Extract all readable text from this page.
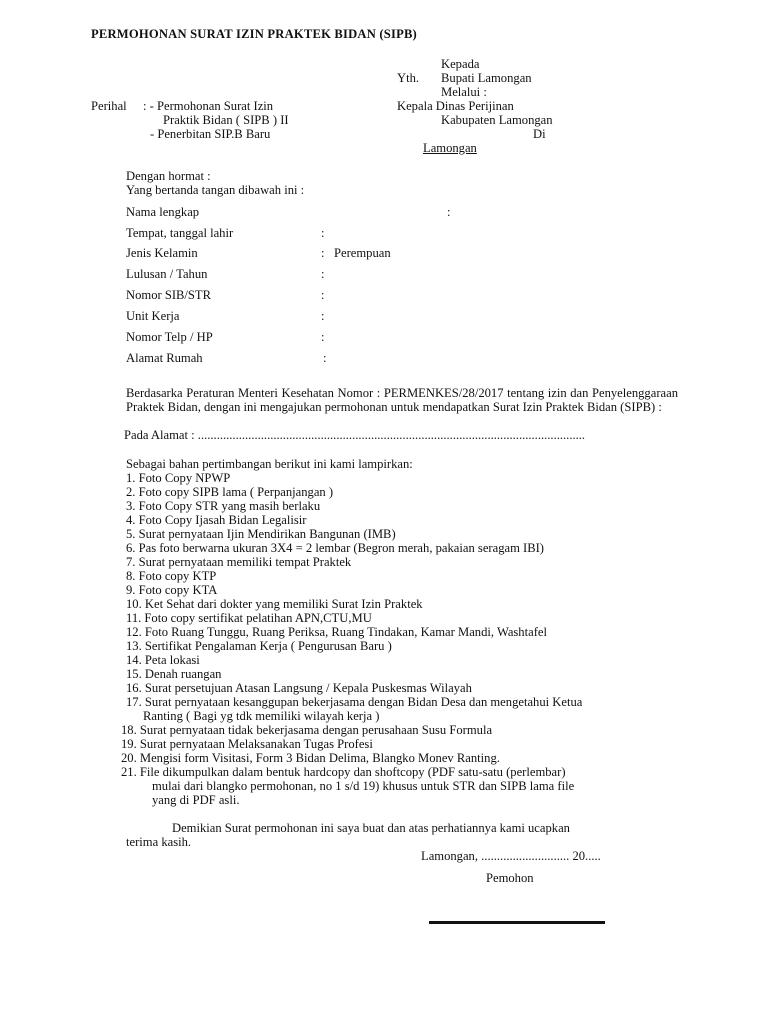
PERMOHONAN SURAT IZIN PRAKTEK BIDAN (SIPB)
Kepada
Yth. Bupati Lamongan
Melalui :
Kepala Dinas Perijinan
Kabupaten Lamongan
Di
Lamongan
Perihal : - Permohonan Surat Izin
Praktik Bidan ( SIPB ) II
- Penerbitan SIP.B Baru
Dengan hormat :
Yang bertanda tangan dibawah ini :
Nama lengkap	:
Tempat, tanggal lahir	:
Jenis Kelamin	: Perempuan
Lulusan / Tahun	:
Nomor SIB/STR	:
Unit Kerja	:
Nomor Telp / HP	:
Alamat Rumah	:
Berdasarka Peraturan Menteri Kesehatan Nomor : PERMENKES/28/2017 tentang izin dan Penyelenggaraan Praktek Bidan, dengan ini mengajukan permohonan untuk mendapatkan Surat Izin Praktek Bidan (SIPB) :
Pada Alamat : ...........................................................................................................................
Sebagai bahan pertimbangan berikut ini kami lampirkan:
1. Foto Copy NPWP
2. Foto copy SIPB lama ( Perpanjangan )
3. Foto Copy STR yang masih berlaku
4. Foto Copy Ijasah Bidan Legalisir
5. Surat pernyataan Ijin Mendirikan Bangunan (IMB)
6. Pas foto berwarna ukuran 3X4 = 2 lembar (Begron merah, pakaian seragam IBI)
7. Surat pernyataan memiliki tempat Praktek
8. Foto copy KTP
9. Foto copy KTA
10. Ket Sehat dari dokter yang memiliki Surat Izin Praktek
11. Foto copy sertifikat pelatihan APN,CTU,MU
12. Foto Ruang Tunggu, Ruang Periksa, Ruang Tindakan, Kamar Mandi, Washtafel
13. Sertifikat Pengalaman Kerja ( Pengurusan Baru )
14. Peta lokasi
15. Denah ruangan
16. Surat persetujuan Atasan Langsung / Kepala Puskesmas Wilayah
17. Surat pernyataan kesanggupan bekerjasama dengan Bidan Desa dan mengetahui Ketua
Ranting ( Bagi yg tdk memiliki wilayah kerja )
18. Surat pernyataan tidak bekerjasama dengan perusahaan Susu Formula
19. Surat pernyataan Melaksanakan Tugas Profesi
20. Mengisi form Visitasi, Form 3 Bidan Delima, Blangko Monev Ranting.
21. File dikumpulkan dalam bentuk hardcopy dan shoftcopy (PDF satu-satu (perlembar)
mulai dari blangko permohonan, no 1 s/d 19) khusus untuk STR dan SIPB lama file
yang di PDF asli.
Demikian Surat permohonan ini saya buat dan atas perhatiannya kami ucapkan
terima kasih.
Lamongan, ............................ 20.....
Pemohon
